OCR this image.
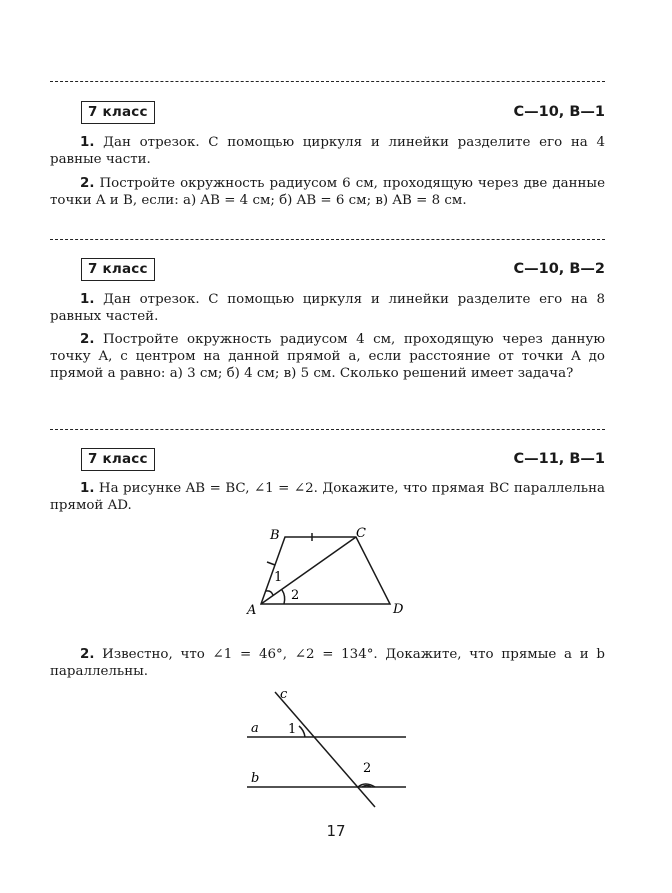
7 класс	С—10, В—1
1. Дан отрезок. С помощью циркуля и линейки разделите его на 4 равные части.
2. Постройте окружность радиусом 6 см, проходящую через две данные точки A и B, если: а) AB = 4 см; б) AB = 6 см; в) AB = 8 см.
7 класс	С—10, В—2
1. Дан отрезок. С помощью циркуля и линейки разделите его на 8 равных частей.
2. Постройте окружность радиусом 4 см, проходящую через данную точку A, с центром на данной прямой a, если расстояние от точки A до прямой a равно: а) 3 см; б) 4 см; в) 5 см. Сколько решений имеет задача?
7 класс	С—11, В—1
1. На рисунке AB = BC, ∠1 = ∠2. Докажите, что прямая BC параллельна прямой AD.
B	C
A	D
1
2
2. Известно, что ∠1 = 46°, ∠2 = 134°. Докажите, что прямые a и b параллельны.
c
a
b
1
2
17
